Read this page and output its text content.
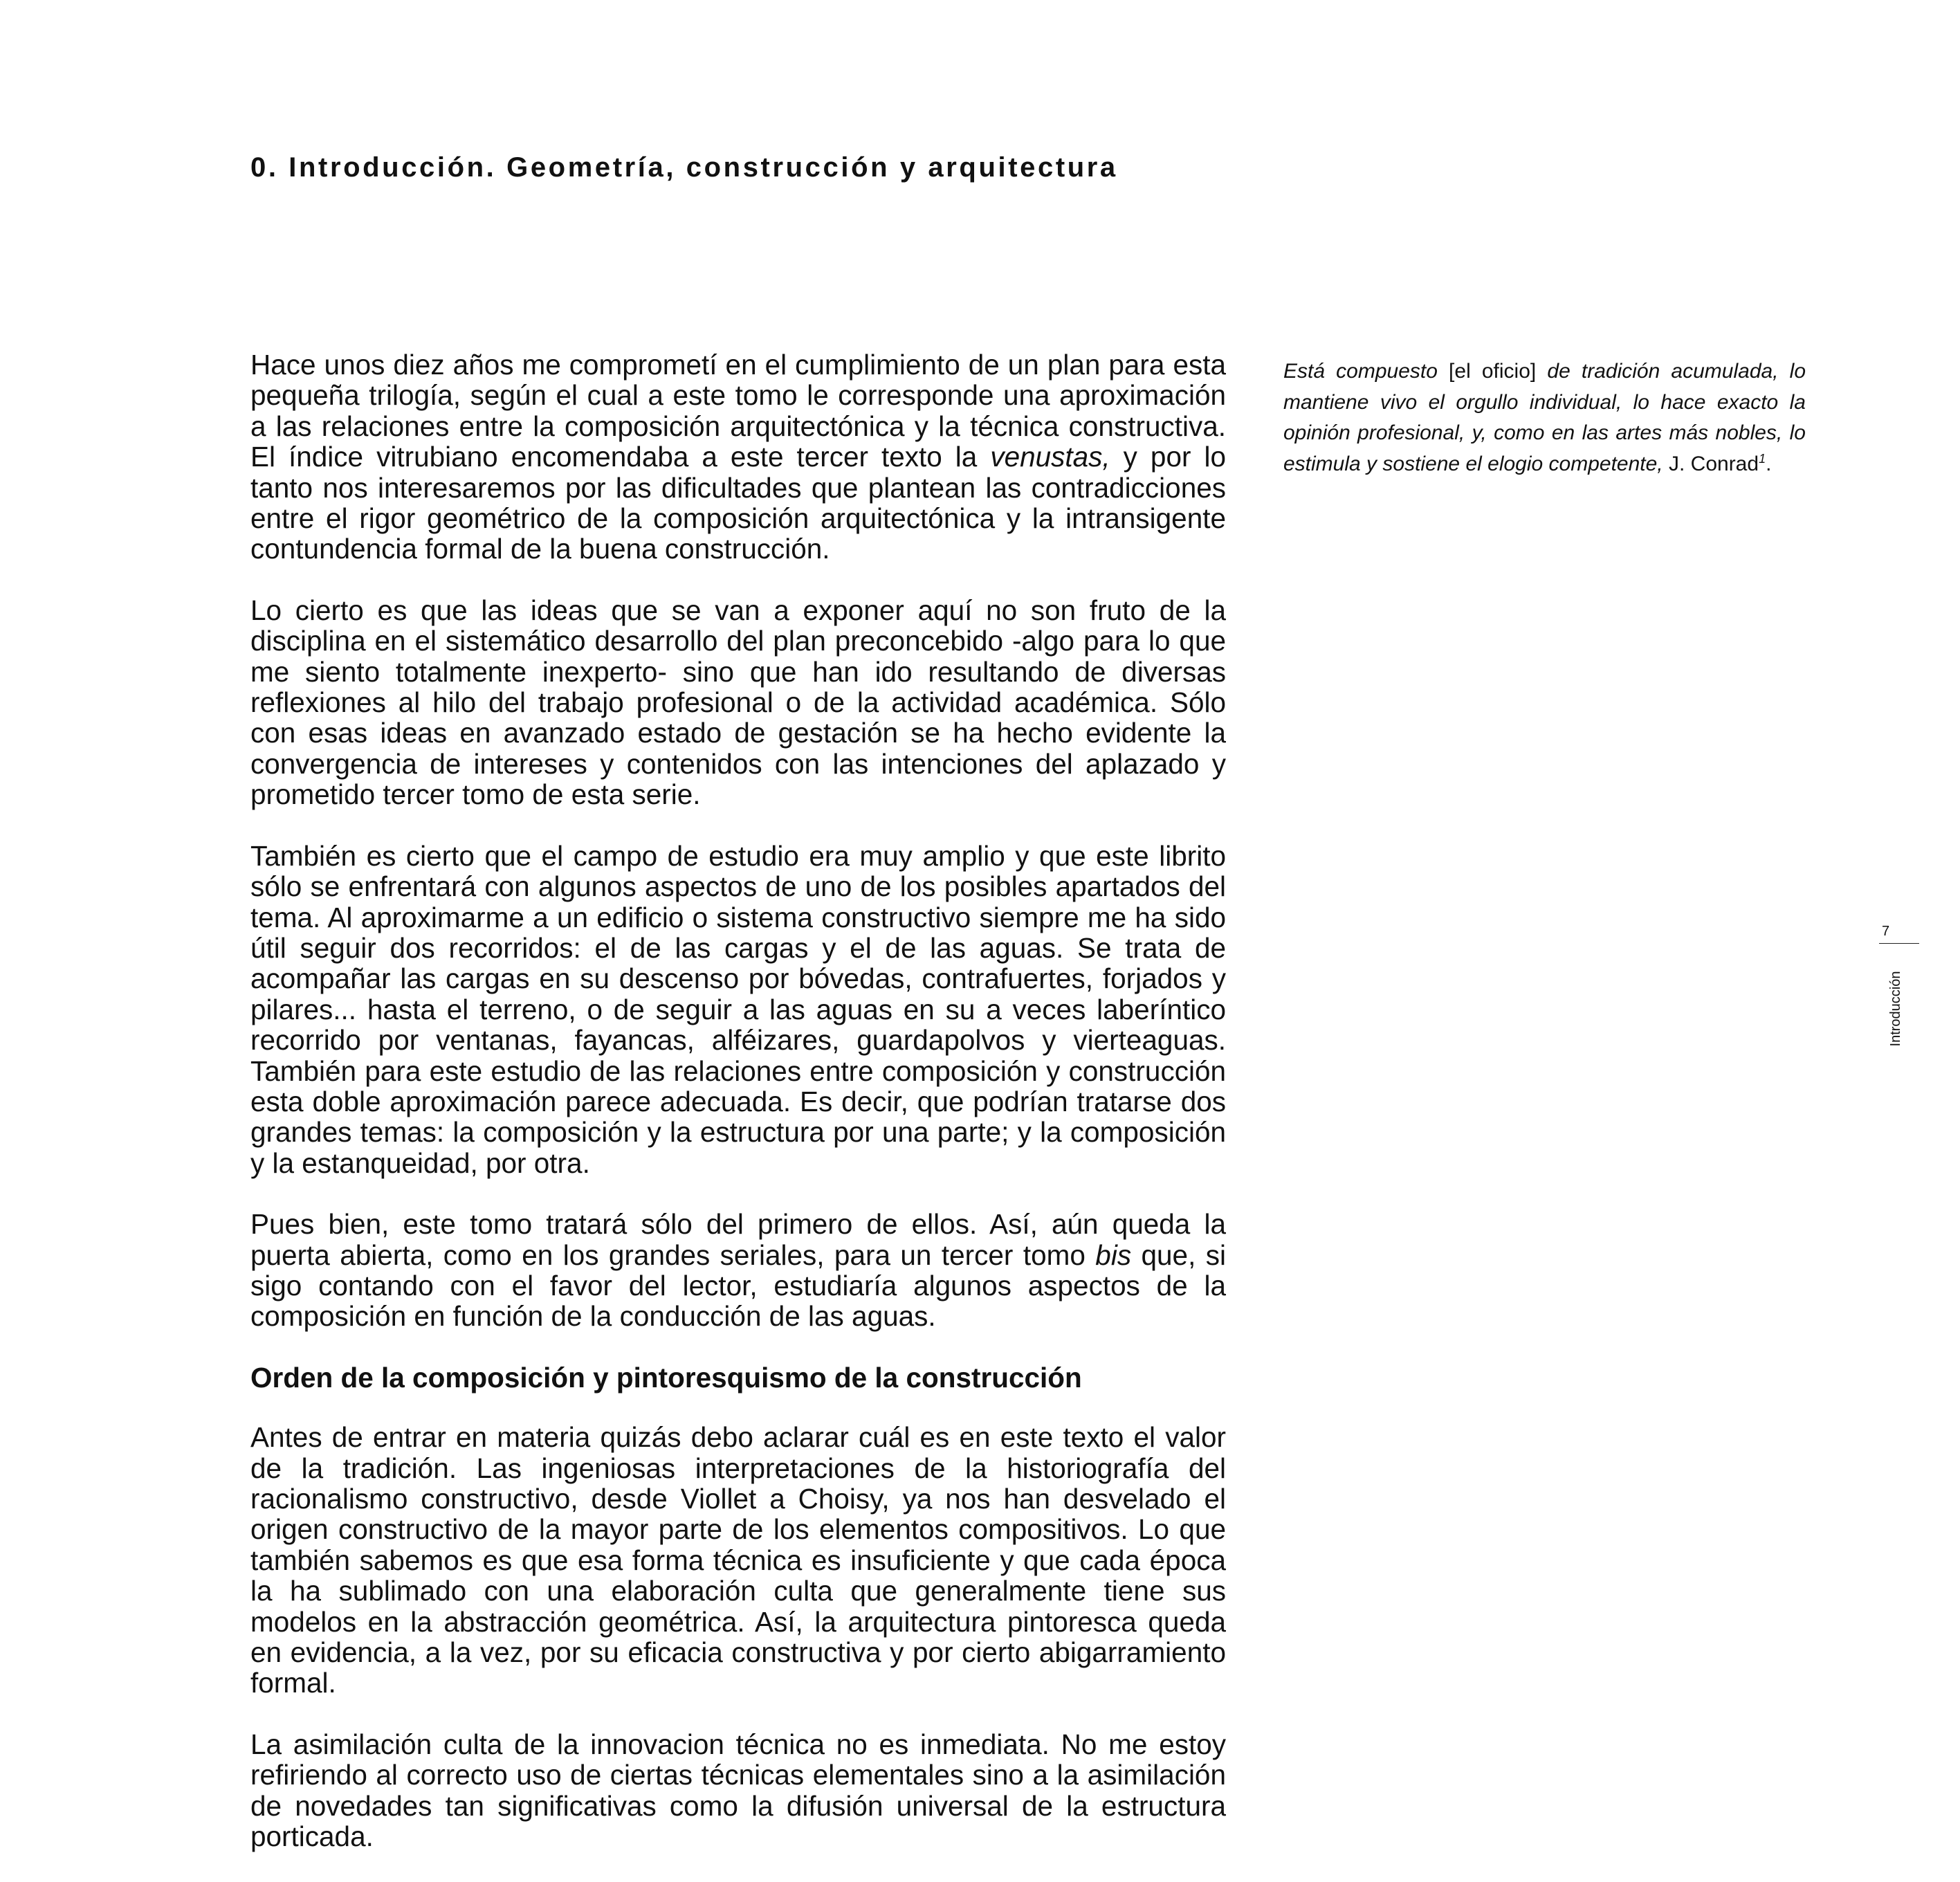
0. Introducción. Geometría, construcción y arquitectura

Hace unos diez años me comprometí en el cumplimiento de un plan para esta pequeña trilogía, según el cual a este tomo le corresponde una aproximación a las relaciones entre la composición arquitectónica y la técnica constructiva. El índice vitrubiano encomendaba a este tercer texto la venustas, y por lo tanto nos interesaremos por las dificultades que plantean las contradicciones entre el rigor geométrico de la composición arquitectónica y la intransigente contundencia formal de la buena construcción.

Lo cierto es que las ideas que se van a exponer aquí no son fruto de la disciplina en el sistemático desarrollo del plan preconcebido -algo para lo que me siento totalmente inexperto- sino que han ido resultando de diversas reflexiones al hilo del trabajo profesional o de la actividad académica. Sólo con esas ideas en avanzado estado de gestación se ha hecho evidente la convergencia de intereses y contenidos con las intenciones del aplazado y prometido tercer tomo de esta serie.

También es cierto que el campo de estudio era muy amplio y que este librito sólo se enfrentará con algunos aspectos de uno de los posibles apartados del tema. Al aproximarme a un edificio o sistema constructivo siempre me ha sido útil seguir dos recorridos: el de las cargas y el de las aguas. Se trata de acompañar las cargas en su descenso por bóvedas, contrafuertes, forjados y pilares... hasta el terreno, o de seguir a las aguas en su a veces laberíntico recorrido por ventanas, fayancas, alféizares, guardapolvos y vierteaguas. También para este estudio de las relaciones entre composición y construcción esta doble aproximación parece adecuada. Es decir, que podrían tratarse dos grandes temas: la composición y la estructura por una parte; y la composición y la estanqueidad, por otra.

Pues bien, este tomo tratará sólo del primero de ellos. Así, aún queda la puerta abierta, como en los grandes seriales, para un tercer tomo bis que, si sigo contando con el favor del lector, estudiaría algunos aspectos de la composición en función de la conducción de las aguas.

Orden de la composición y pintoresquismo de la construcción

Antes de entrar en materia quizás debo aclarar cuál es en este texto el valor de la tradición. Las ingeniosas interpretaciones de la historiografía del racionalismo constructivo, desde Viollet a Choisy, ya nos han desvelado el origen constructivo de la mayor parte de los elementos compositivos. Lo que también sabemos es que esa forma técnica es insuficiente y que cada época la ha sublimado con una elaboración culta que generalmente tiene sus modelos en la abstracción geométrica. Así, la arquitectura pintoresca queda en evidencia, a la vez, por su eficacia constructiva y por cierto abigarramiento formal.

La asimilación culta de la innovacion técnica no es inmediata. No me estoy refiriendo al correcto uso de ciertas técnicas elementales sino a la asimilación de novedades tan significativas como la difusión universal de la estructura porticada.

Está compuesto [el oficio] de tradición acumulada, lo mantiene vivo el orgullo individual, lo hace exacto la opinión profesional, y, como en las artes más nobles, lo estimula y sostiene el elogio competente, J. Conrad$^1$.

7
Introducción
